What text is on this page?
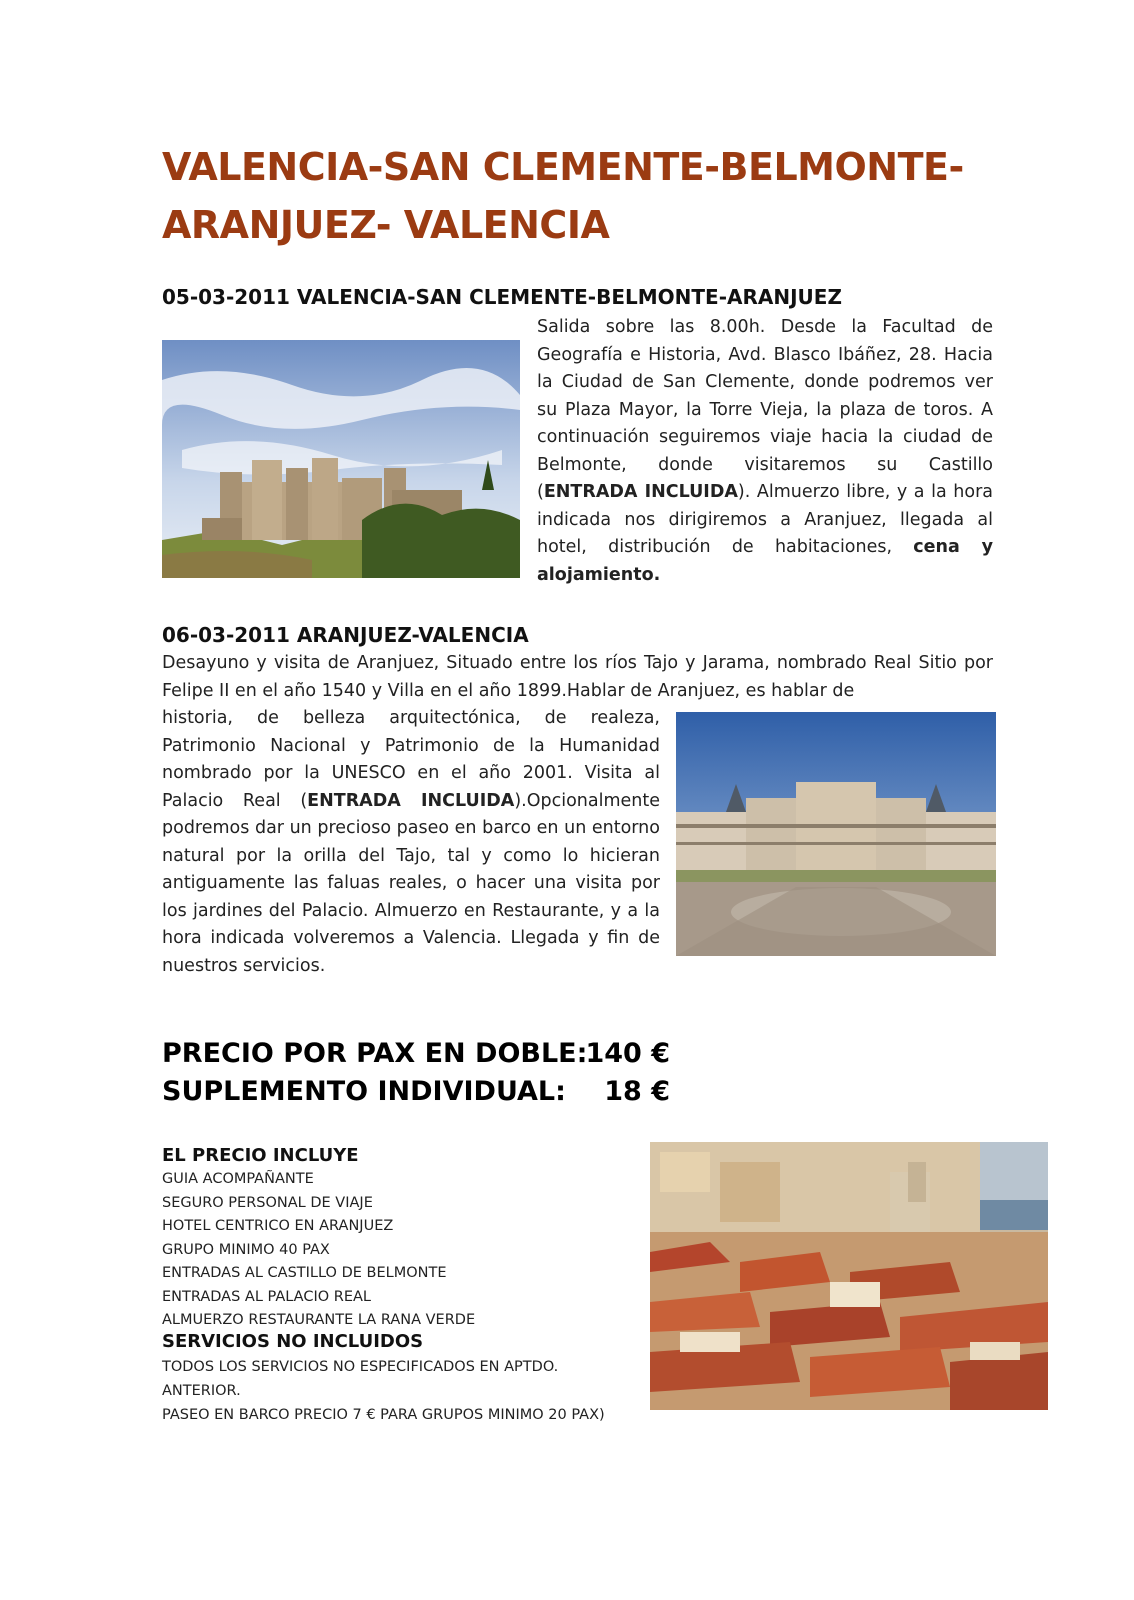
VALENCIA-SAN CLEMENTE-BELMONTE-ARANJUEZ- VALENCIA
05-03-2011 VALENCIA-SAN CLEMENTE-BELMONTE-ARANJUEZ

Salida sobre las 8.00h. Desde la Facultad de Geografía e Historia, Avd. Blasco Ibáñez, 28. Hacia la Ciudad de San Clemente, donde podremos ver su Plaza Mayor, la Torre Vieja, la plaza de toros. A continuación seguiremos viaje hacia la ciudad de Belmonte, donde visitaremos su Castillo (ENTRADA INCLUIDA). Almuerzo libre, y a la hora indicada nos dirigiremos a Aranjuez, llegada al hotel, distribución de habitaciones, cena y alojamiento.

06-03-2011 ARANJUEZ-VALENCIA

Desayuno y visita de Aranjuez, Situado entre los ríos Tajo y Jarama, nombrado Real Sitio por Felipe II en el año 1540 y Villa en el año 1899.Hablar de Aranjuez, es hablar de

historia, de belleza arquitectónica, de realeza, Patrimonio Nacional y Patrimonio de la Humanidad nombrado por la UNESCO en el año 2001. Visita al Palacio Real (ENTRADA INCLUIDA).Opcionalmente podremos dar un precioso paseo en barco en un entorno natural por la orilla del Tajo, tal y como lo hicieran antiguamente las faluas reales, o hacer una visita por los jardines del Palacio. Almuerzo en Restaurante, y a la hora indicada volveremos a Valencia. Llegada y fin de nuestros servicios.

PRECIO POR PAX EN DOBLE:
140 €
SUPLEMENTO INDIVIDUAL:	18 €
EL PRECIO INCLUYE
GUIA ACOMPAÑANTE
SEGURO PERSONAL DE VIAJE
HOTEL CENTRICO EN ARANJUEZ
GRUPO MINIMO 40 PAX
ENTRADAS AL CASTILLO DE BELMONTE
ENTRADAS AL PALACIO REAL
ALMUERZO RESTAURANTE LA RANA VERDE
SERVICIOS NO INCLUIDOS

TODOS LOS SERVICIOS NO ESPECIFICADOS EN APTDO. ANTERIOR.

PASEO EN BARCO PRECIO 7 € PARA GRUPOS MINIMO 20 PAX)
